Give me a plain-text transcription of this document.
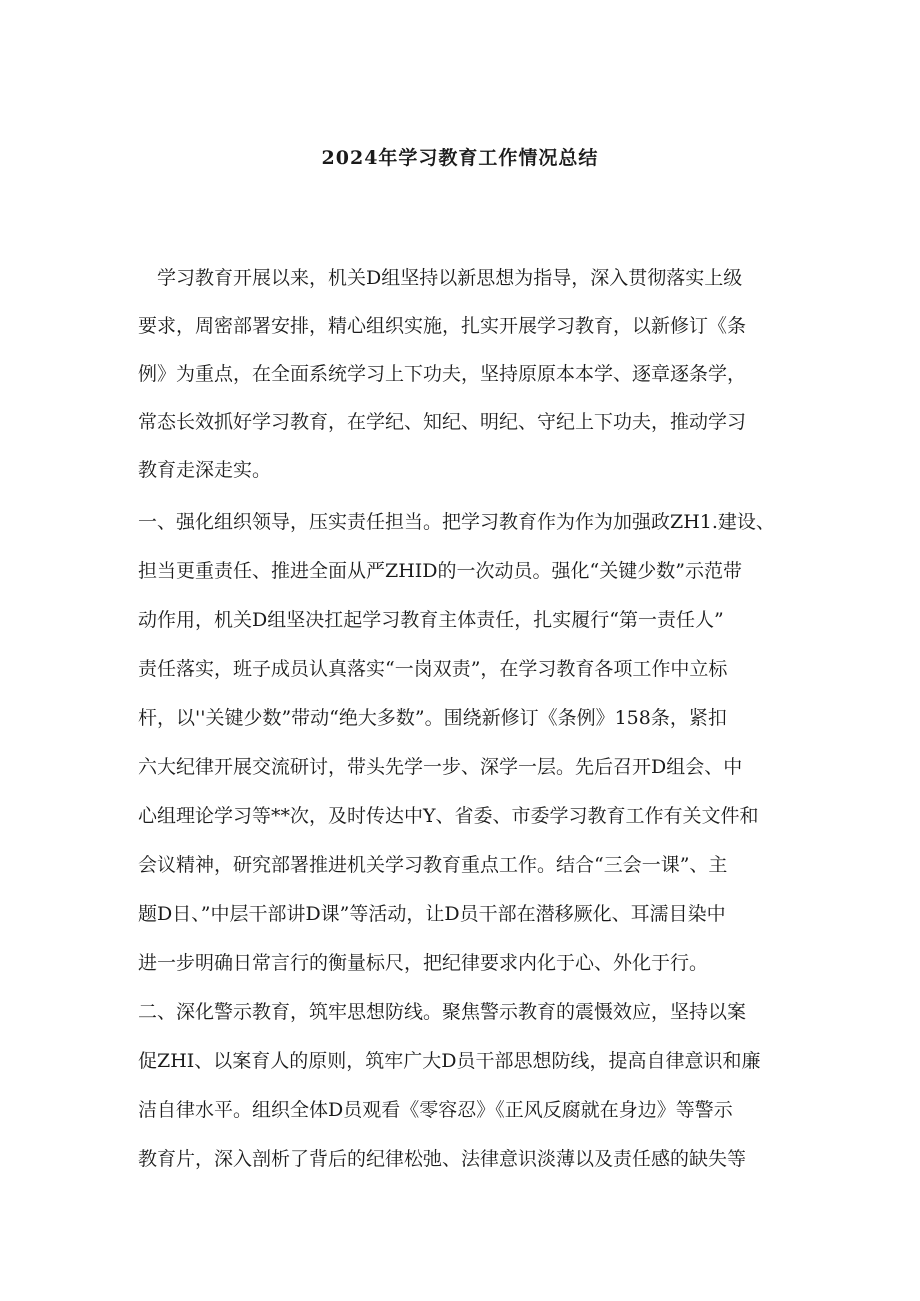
2024年学习教育工作情况总结
　学习教育开展以来，机关D组坚持以新思想为指导，深入贯彻落实上级
要求，周密部署安排，精心组织实施，扎实开展学习教育，以新修订《条
例》为重点，在全面系统学习上下功夫，坚持原原本本学、逐章逐条学，
常态长效抓好学习教育，在学纪、知纪、明纪、守纪上下功夫，推动学习
教育走深走实。
一、强化组织领导，压实责任担当。把学习教育作为作为加强政ZH1.建设、
担当更重责任、推进全面从严ZHID的一次动员。强化“关键少数”示范带
动作用，机关D组坚决扛起学习教育主体责任，扎实履行“第一责任人”
责任落实，班子成员认真落实“一岗双责”，在学习教育各项工作中立标
杆，以''关键少数”带动“绝大多数”。围绕新修订《条例》158条，紧扣
六大纪律开展交流研讨，带头先学一步、深学一层。先后召开D组会、中
心组理论学习等**次，及时传达中Y、省委、市委学习教育工作有关文件和
会议精神，研究部署推进机关学习教育重点工作。结合“三会一课”、主
题D日、”中层干部讲D课”等活动，让D员干部在潜移厥化、耳濡目染中
进一步明确日常言行的衡量标尺，把纪律要求内化于心、外化于行。
二、深化警示教育，筑牢思想防线。聚焦警示教育的震慑效应，坚持以案
促ZHI、以案育人的原则，筑牢广大D员干部思想防线，提高自律意识和廉
洁自律水平。组织全体D员观看《零容忍》《正风反腐就在身边》等警示
教育片，深入剖析了背后的纪律松弛、法律意识淡薄以及责任感的缺失等
